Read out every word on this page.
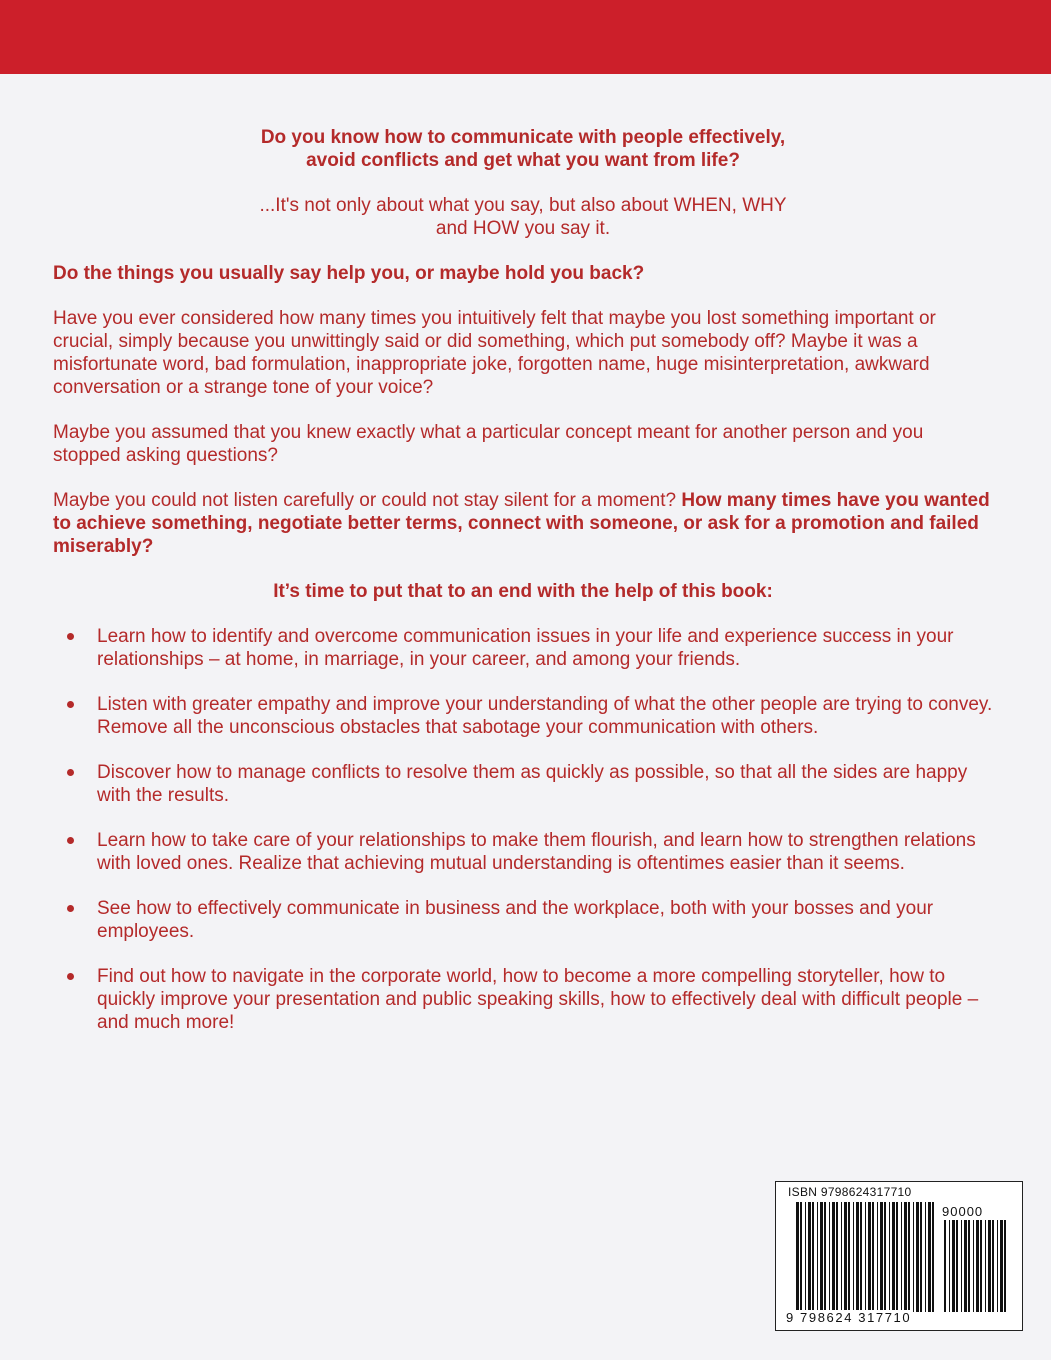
Do you know how to communicate with people effectively,

avoid conflicts and get what you want from life?

...It's not only about what you say, but also about WHEN, WHY

and HOW you say it.

Do the things you usually say help you, or maybe hold you back?

Have you ever considered how many times you intuitively felt that maybe you lost something important or crucial, simply because you unwittingly said or did something, which put somebody off? Maybe it was a misfortunate word, bad formulation, inappropriate joke, forgotten name, huge misinterpretation, awkward conversation or a strange tone of your voice?

Maybe you assumed that you knew exactly what a particular concept meant for another person and you stopped asking questions?

Maybe you could not listen carefully or could not stay silent for a moment? How many times have you wanted to achieve something, negotiate better terms, connect with someone, or ask for a promotion and failed miserably?

It’s time to put that to an end with the help of this book:

Learn how to identify and overcome communication issues in your life and experience success in your relationships – at home, in marriage, in your career, and among your friends.
Listen with greater empathy and improve your understanding of what the other people are trying to convey. Remove all the unconscious obstacles that sabotage your communication with others.
Discover how to manage conflicts to resolve them as quickly as possible, so that all the sides are happy with the results.
Learn how to take care of your relationships to make them flourish, and learn how to strengthen relations with loved ones. Realize that achieving mutual understanding is oftentimes easier than it seems.
See how to effectively communicate in business and the workplace, both with your bosses and your employees.
Find out how to navigate in the corporate world, how to become a more compelling storyteller, how to quickly improve your presentation and public speaking skills, how to effectively deal with difficult people – and much more!
ISBN 9798624317710
90000
9 798624 317710
